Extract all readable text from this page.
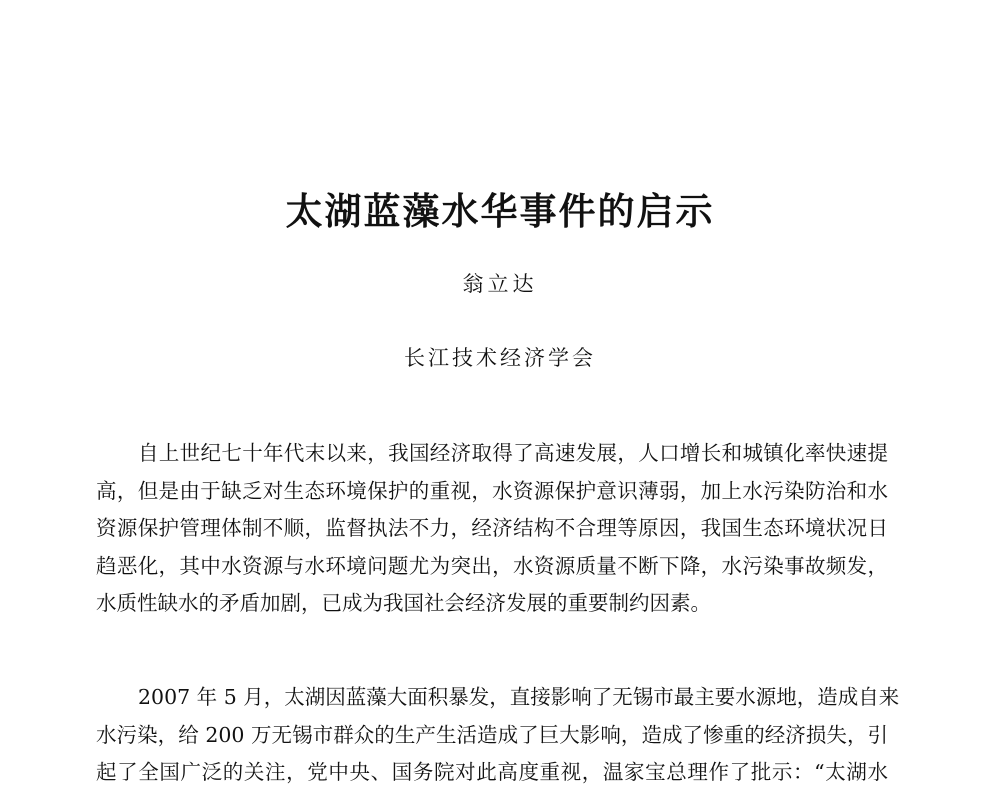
太湖蓝藻水华事件的启示
翁立达
长江技术经济学会
自上世纪七十年代末以来，我国经济取得了高速发展，人口增长和城镇化率快速提
高，但是由于缺乏对生态环境保护的重视，水资源保护意识薄弱，加上水污染防治和水
资源保护管理体制不顺，监督执法不力，经济结构不合理等原因，我国生态环境状况日
趋恶化，其中水资源与水环境问题尤为突出，水资源质量不断下降，水污染事故频发，
水质性缺水的矛盾加剧，已成为我国社会经济发展的重要制约因素。
2007 年 5 月，太湖因蓝藻大面积暴发，直接影响了无锡市最主要水源地，造成自来
水污染，给 200 万无锡市群众的生产生活造成了巨大影响，造成了惨重的经济损失，引
起了全国广泛的关注，党中央、国务院对此高度重视，温家宝总理作了批示：“太湖水
